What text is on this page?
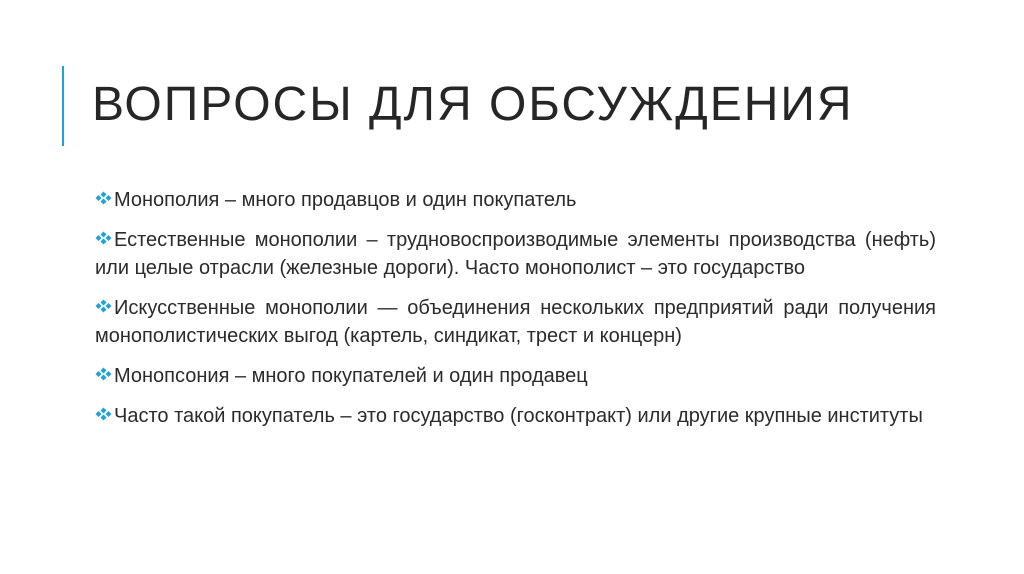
ВОПРОСЫ ДЛЯ ОБСУЖДЕНИЯ

Монополия – много продавцов и один покупатель

Естественные монополии – трудновоспроизводимые элементы производства (нефть) или целые отрасли (железные дороги). Часто монополист – это государство

Искусственные монополии — объединения нескольких предприятий ради получения монополистических выгод (картель, синдикат, трест и концерн)

Монопсония – много покупателей и один продавец

Часто такой покупатель – это государство (госконтракт) или другие крупные институты
